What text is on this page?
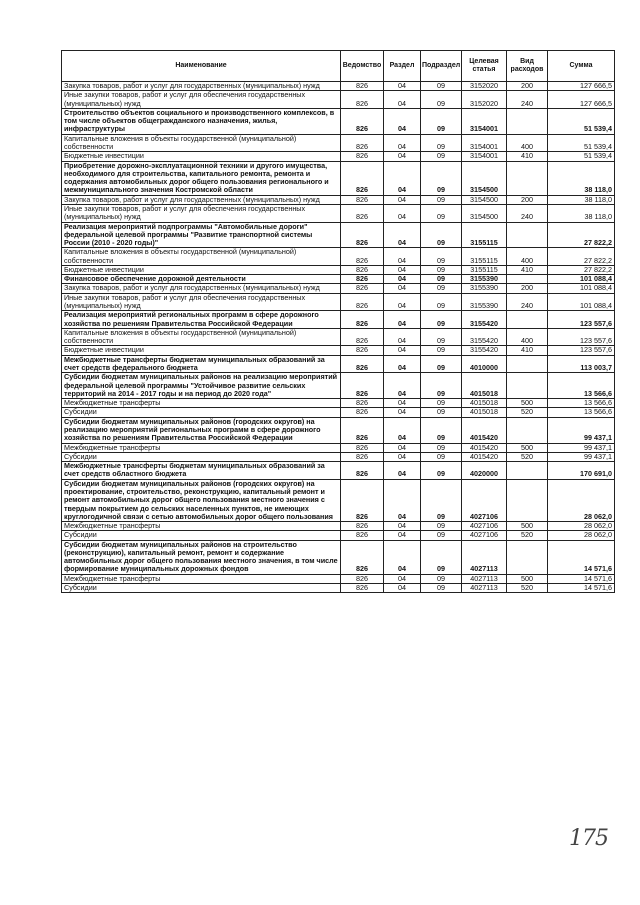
Наименование	Ведомство	Раздел	Подраздел	Целевая статья	Вид расходов	Сумма
Закупка товаров, работ и услуг для государственных (муниципальных) нужд	826	04	09	3152020	200	127 666,5
Иные закупки товаров, работ и услуг для обеспечения государственных (муниципальных) нужд	826	04	09	3152020	240	127 666,5
Строительство объектов социального и производственного комплексов, в том числе объектов общегражданского назначения, жилья, инфраструктуры	826	04	09	3154001		51 539,4
Капитальные вложения в объекты государственной (муниципальной) собственности	826	04	09	3154001	400	51 539,4
Бюджетные инвестиции	826	04	09	3154001	410	51 539,4
Приобретение дорожно-эксплуатационной техники и другого имущества, необходимого для строительства, капитального ремонта, ремонта и содержания автомобильных дорог общего пользования регионального и межмуниципального значения Костромской области	826	04	09	3154500		38 118,0
Закупка товаров, работ и услуг для государственных (муниципальных) нужд	826	04	09	3154500	200	38 118,0
Иные закупки товаров, работ и услуг для обеспечения государственных (муниципальных) нужд	826	04	09	3154500	240	38 118,0
Реализация мероприятий подпрограммы "Автомобильные дороги" федеральной целевой программы "Развитие транспортной системы России (2010 - 2020 годы)"	826	04	09	3155115		27 822,2
Капитальные вложения в объекты государственной (муниципальной) собственности	826	04	09	3155115	400	27 822,2
Бюджетные инвестиции	826	04	09	3155115	410	27 822,2
Финансовое обеспечение дорожной деятельности	826	04	09	3155390		101 088,4
Закупка товаров, работ и услуг для государственных (муниципальных) нужд	826	04	09	3155390	200	101 088,4
Иные закупки товаров, работ и услуг для обеспечения государственных (муниципальных) нужд	826	04	09	3155390	240	101 088,4
Реализация мероприятий региональных программ в сфере дорожного хозяйства по решениям Правительства Российской Федерации	826	04	09	3155420		123 557,6
Капитальные вложения в объекты государственной (муниципальной) собственности	826	04	09	3155420	400	123 557,6
Бюджетные инвестиции	826	04	09	3155420	410	123 557,6
Межбюджетные трансферты бюджетам муниципальных образований за счет средств федерального бюджета	826	04	09	4010000		113 003,7
Субсидии бюджетам муниципальных районов на реализацию мероприятий федеральной целевой программы "Устойчивое развитие сельских территорий на 2014 - 2017 годы и на период до 2020 года"	826	04	09	4015018		13 566,6
Межбюджетные трансферты	826	04	09	4015018	500	13 566,6
Субсидии	826	04	09	4015018	520	13 566,6
Субсидии бюджетам муниципальных районов (городских округов) на реализацию мероприятий региональных программ в сфере дорожного хозяйства по решениям Правительства Российской Федерации	826	04	09	4015420		99 437,1
Межбюджетные трансферты	826	04	09	4015420	500	99 437,1
Субсидии	826	04	09	4015420	520	99 437,1
Межбюджетные трансферты бюджетам муниципальных образований за счет средств областного бюджета	826	04	09	4020000		170 691,0
Субсидии бюджетам муниципальных районов (городских округов) на проектирование, строительство, реконструкцию, капитальный ремонт и ремонт автомобильных дорог общего пользования местного значения с твердым покрытием до сельских населенных пунктов, не имеющих круглогодичной связи с сетью автомобильных дорог общего пользования	826	04	09	4027106		28 062,0
Межбюджетные трансферты	826	04	09	4027106	500	28 062,0
Субсидии	826	04	09	4027106	520	28 062,0
Субсидии бюджетам муниципальных районов на строительство (реконструкцию), капитальный ремонт, ремонт и содержание автомобильных дорог общего пользования местного значения, в том числе формирование муниципальных дорожных фондов	826	04	09	4027113		14 571,6
Межбюджетные трансферты	826	04	09	4027113	500	14 571,6
Субсидии	826	04	09	4027113	520	14 571,6
175
